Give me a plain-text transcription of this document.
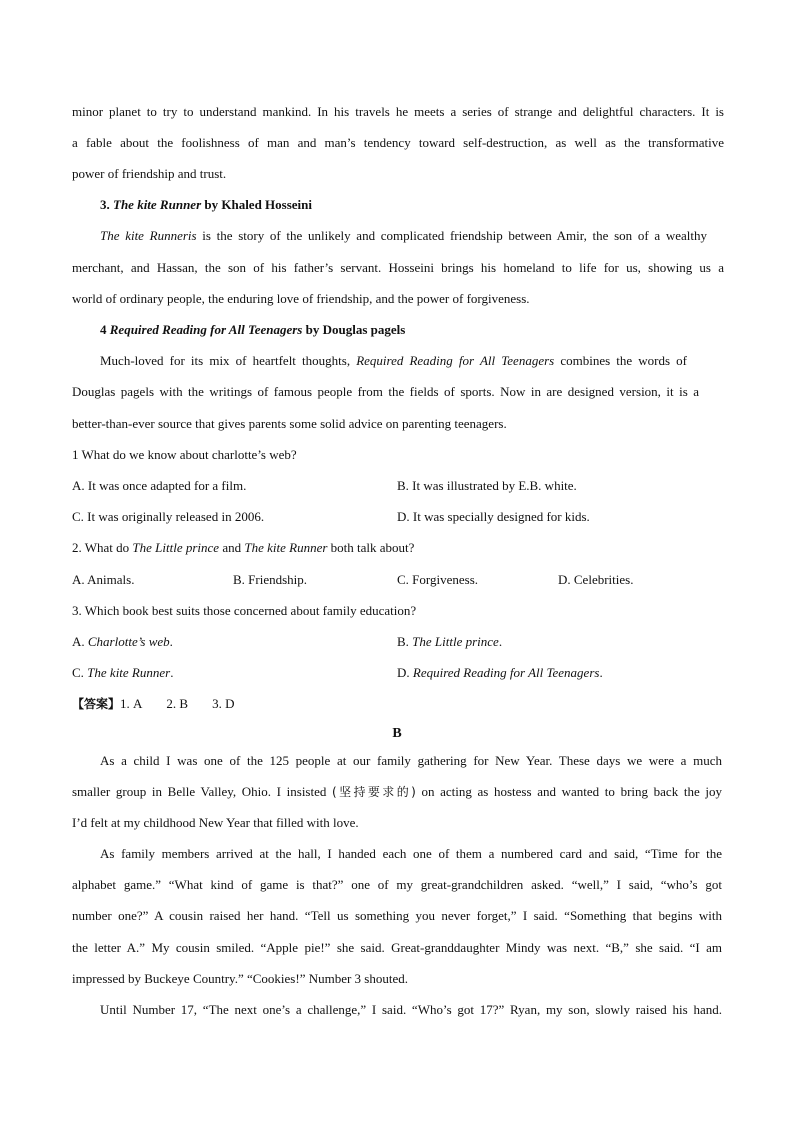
minor planet to try to understand mankind. In his travels he meets a series of strange and delightful characters. It is
a fable about the foolishness of man and man’s tendency toward self-destruction, as well as the transformative
power of friendship and trust.
3. The kite Runner by Khaled Hosseini
The kite Runneris is the story of the unlikely and complicated friendship between Amir, the son of a wealthy
merchant, and Hassan, the son of his father’s servant. Hosseini brings his homeland to life for us, showing us a
world of ordinary people, the enduring love of friendship, and the power of forgiveness.
4 Required Reading for All Teenagers by Douglas pagels
Much-loved for its mix of heartfelt thoughts, Required Reading for All Teenagers combines the words of
Douglas pagels with the writings of famous people from the fields of sports. Now in are designed version, it is a
better-than-ever source that gives parents some solid advice on parenting teenagers.
1 What do we know about charlotte’s web?
A. It was once adapted for a film.	B. It was illustrated by E.B. white.
C. It was originally released in 2006.	D. It was specially designed for kids.
2. What do The Little prince and The kite Runner both talk about?
A. Animals.	B. Friendship.	C. Forgiveness.	D. Celebrities.
3. Which book best suits those concerned about family education?
A. Charlotte’s web.	B. The Little prince.
C. The kite Runner.	D. Required Reading for All Teenagers.
【答案】1. A 2. B 3. D
B
As a child I was one of the 125 people at our family gathering for New Year. These days we were a much
smaller group in Belle Valley, Ohio. I insisted (坚持要求的) on acting as hostess and wanted to bring back the joy
I’d felt at my childhood New Year that filled with love.
As family members arrived at the hall, I handed each one of them a numbered card and said, “Time for the
alphabet game.” “What kind of game is that?” one of my great-grandchildren asked. “well,” I said, “who’s got
number one?” A cousin raised her hand. “Tell us something you never forget,” I said. “Something that begins with
the letter A.” My cousin smiled. “Apple pie!” she said. Great-granddaughter Mindy was next. “B,” she said. “I am
impressed by Buckeye Country.” “Cookies!” Number 3 shouted.
Until Number 17, “The next one’s a challenge,” I said. “Who’s got 17?” Ryan, my son, slowly raised his hand.
